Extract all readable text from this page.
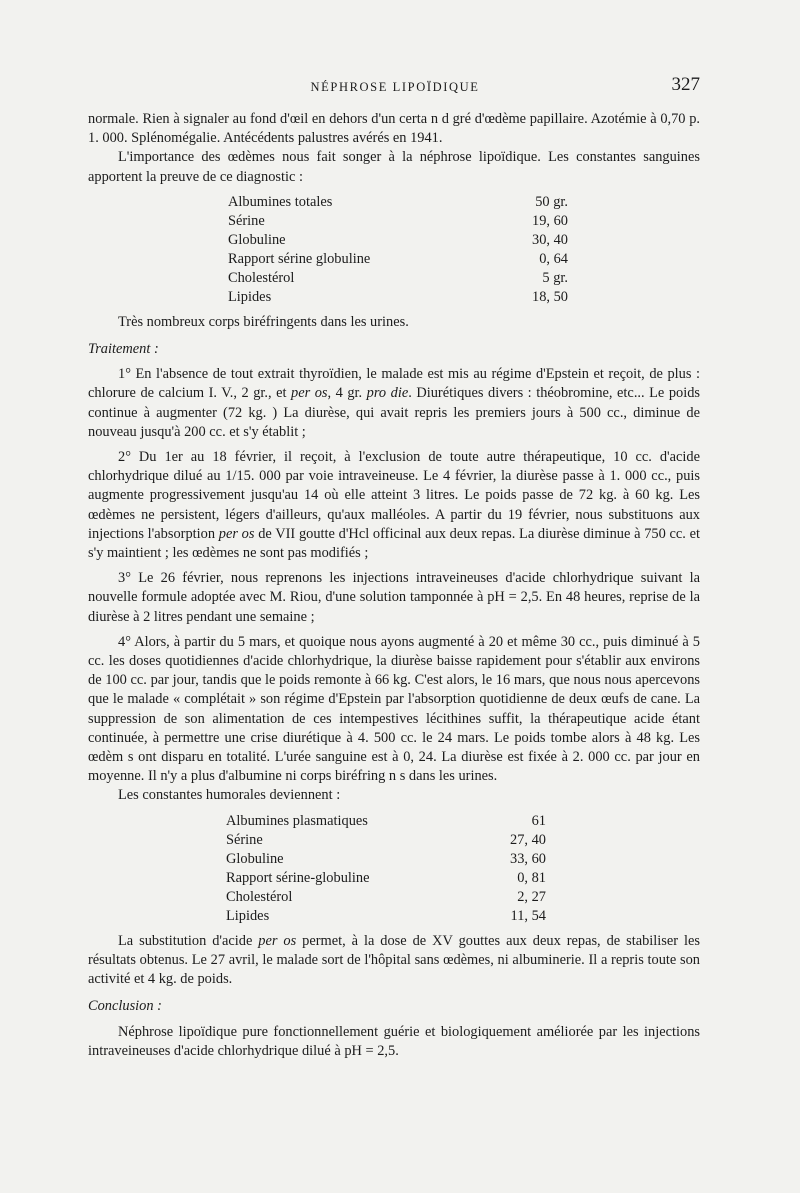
NÉPHROSE LIPOÏDIQUE	327

normale. Rien à signaler au fond d'œil en dehors d'un certa n d gré d'œdème papillaire. Azotémie à 0,70 p. 1. 000. Splénomégalie. Antécédents palustres avérés en 1941.

L'importance des œdèmes nous fait songer à la néphrose lipoïdique. Les constantes sanguines apportent la preuve de ce diagnostic :

Albumines totales	50 gr.
Sérine	19, 60
Globuline	30, 40
Rapport sérine globuline	0, 64
Cholestérol	5 gr.
Lipides	18, 50

Très nombreux corps biréfringents dans les urines.

Traitement :

1° En l'absence de tout extrait thyroïdien, le malade est mis au régime d'Epstein et reçoit, de plus : chlorure de calcium I. V., 2 gr., et per os, 4 gr. pro die. Diurétiques divers : théobromine, etc... Le poids continue à augmenter (72 kg. ) La diurèse, qui avait repris les premiers jours à 500 cc., diminue de nouveau jusqu'à 200 cc. et s'y établit ;

2° Du 1er au 18 février, il reçoit, à l'exclusion de toute autre thérapeutique, 10 cc. d'acide chlorhydrique dilué au 1/15. 000 par voie intraveineuse. Le 4 février, la diurèse passe à 1. 000 cc., puis augmente progressivement jusqu'au 14 où elle atteint 3 litres. Le poids passe de 72 kg. à 60 kg. Les œdèmes ne persistent, légers d'ailleurs, qu'aux malléoles. A partir du 19 février, nous substituons aux injections l'absorption per os de VII goutte d'Hcl officinal aux deux repas. La diurèse diminue à 750 cc. et s'y maintient ; les œdèmes ne sont pas modifiés ;

3° Le 26 février, nous reprenons les injections intraveineuses d'acide chlorhydrique suivant la nouvelle formule adoptée avec M. Riou, d'une solution tamponnée à pH = 2,5. En 48 heures, reprise de la diurèse à 2 litres pendant une semaine ;

4° Alors, à partir du 5 mars, et quoique nous ayons augmenté à 20 et même 30 cc., puis diminué à 5 cc. les doses quotidiennes d'acide chlorhydrique, la diurèse baisse rapidement pour s'établir aux environs de 100 cc. par jour, tandis que le poids remonte à 66 kg. C'est alors, le 16 mars, que nous nous apercevons que le malade « complétait » son régime d'Epstein par l'absorption quotidienne de deux œufs de cane. La suppression de son alimentation de ces intempestives lécithines suffit, la thérapeutique acide étant continuée, à permettre une crise diurétique à 4. 500 cc. le 24 mars. Le poids tombe alors à 48 kg. Les œdèm s ont disparu en totalité. L'urée sanguine est à 0, 24. La diurèse est fixée à 2. 000 cc. par jour en moyenne. Il n'y a plus d'albumine ni corps biréfring n s dans les urines.

Les constantes humorales deviennent :

Albumines plasmatiques	61
Sérine	27, 40
Globuline	33, 60
Rapport sérine-globuline	0, 81
Cholestérol	2, 27
Lipides	11, 54

La substitution d'acide per os permet, à la dose de XV gouttes aux deux repas, de stabiliser les résultats obtenus. Le 27 avril, le malade sort de l'hôpital sans œdèmes, ni albuminerie. Il a repris toute son activité et 4 kg. de poids.

Conclusion :

Néphrose lipoïdique pure fonctionnellement guérie et biologiquement améliorée par les injections intraveineuses d'acide chlorhydrique dilué à pH = 2,5.
